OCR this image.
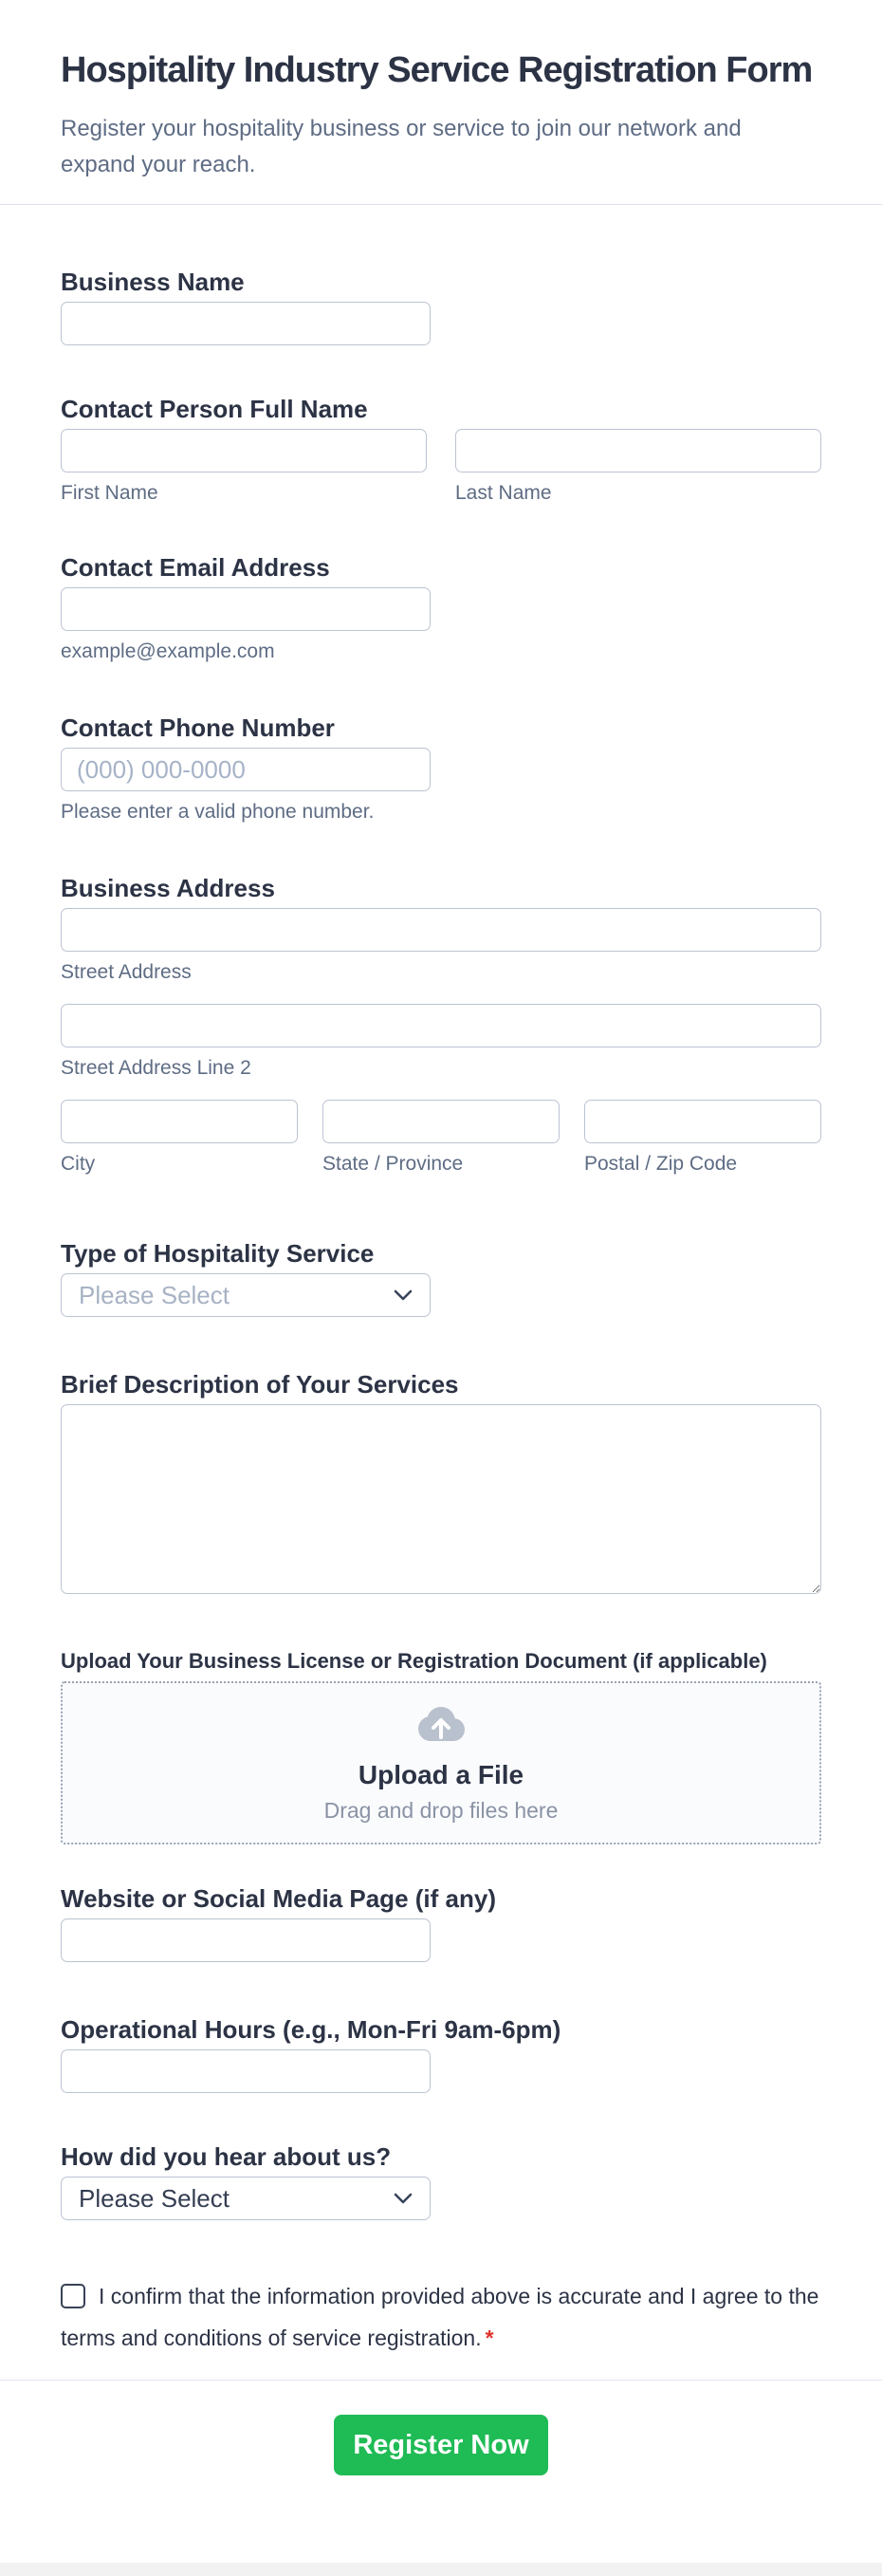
Hospitality Industry Service Registration Form

Register your hospitality business or service to join our network and expand your reach.

Business Name
Contact Person Full Name
First Name	Last Name
Contact Email Address
example@example.com
Contact Phone Number
(000) 000-0000
Please enter a valid phone number.
Business Address
Street Address
Street Address Line 2
City	State / Province	Postal / Zip Code
Type of Hospitality Service
Please Select
Brief Description of Your Services
Upload Your Business License or Registration Document (if applicable)
Upload a File
Drag and drop files here
Website or Social Media Page (if any)
Operational Hours (e.g., Mon-Fri 9am-6pm)
How did you hear about us?
Please Select
I confirm that the information provided above is accurate and I agree to the terms and conditions of service registration. *
Register Now
